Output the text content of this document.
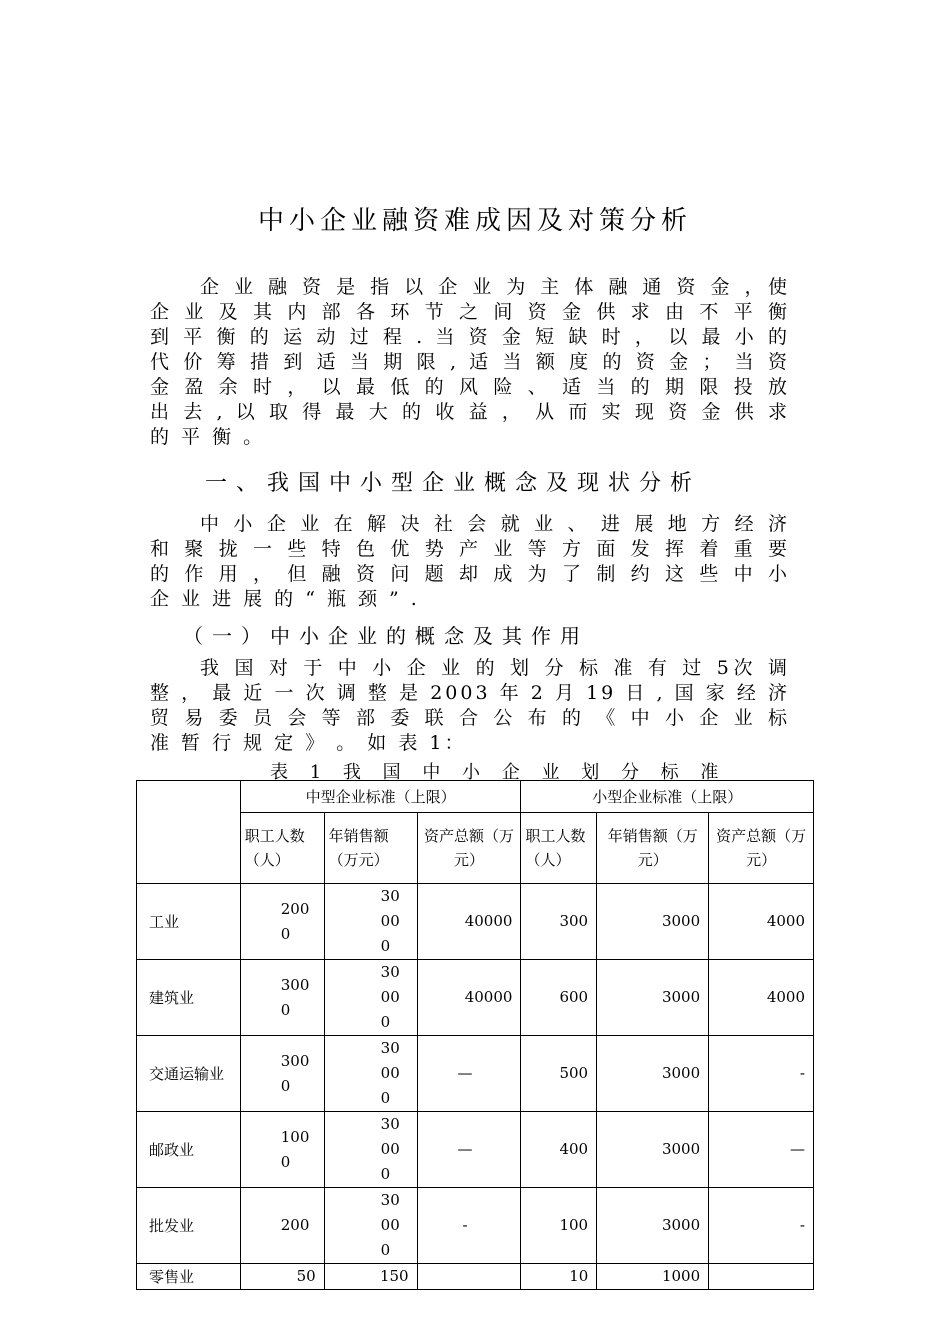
中小企业融资难成因及对策分析
企 业 融 资 是 指 以 企 业 为 主 体 融 通 资 金 ，使
企 业 及 其 内 部 各 环 节 之 间 资 金 供 求 由 不 平 衡
到 平 衡 的 运 动 过 程 . 当 资 金 短 缺 时 ， 以 最 小 的
代 价 筹 措 到 适 当 期 限 , 适 当 额 度 的 资 金 ； 当 资
金 盈 余 时 ， 以 最 低 的 风 险 、 适 当 的 期 限 投 放
出 去 , 以 取 得 最 大 的 收 益 ， 从 而 实 现 资 金 供 求
的 平 衡 。
一、我国中小型企业概念及现状分析
中 小 企 业 在 解 决 社 会 就 业 、 进 展 地 方 经 济
和 聚 拢 一 些 特 色 优 势 产 业 等 方 面 发 挥 着 重 要
的 作 用 ， 但 融 资 问 题 却 成 为 了 制 约 这 些 中 小
企 业 进 展 的 “ 瓶 颈 ” .
（一）中小企业的概念及其作用
我 国 对 于 中 小 企 业 的 划 分 标 准 有 过 5次 调
整 ， 最 近 一 次 调 整 是 2003 年 2 月 19 日 , 国 家 经 济
贸 易 委 员 会 等 部 委 联 合 公 布 的 《 中 小 企 业 标
准 暂 行 规 定 》 。 如 表 1：
表 1 我 国 中 小 企 业 划 分 标 准
	中型企业标准（上限）			小型企业标准（上限）		
	职工人数（人）	年销售额（万元）	资产总额（万元）	职工人数（人）	年销售额（万元）	资产总额（万元）
工业	2000	30000	40000	300	3000	4000
建筑业	3000	30000	40000	600	3000	4000
交通运输业	3000	30000	—	500	3000	-
邮政业	1000	30000	—	400	3000	—
批发业	200	30000	-	100	3000	-
零售业	50	150		10	1000	
